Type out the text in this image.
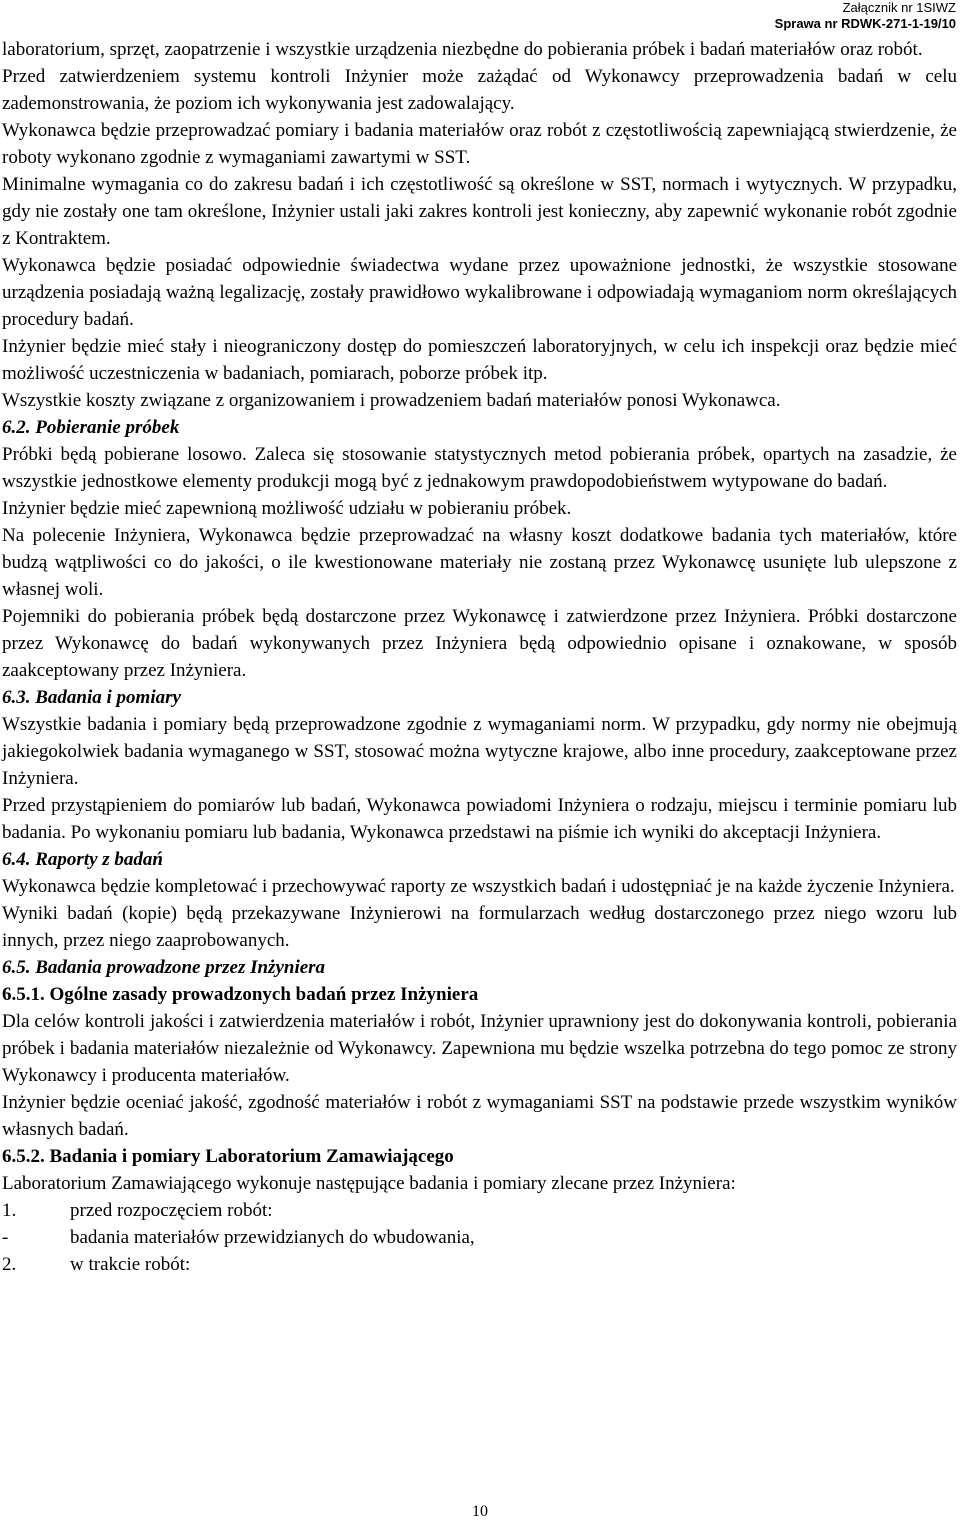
Załącznik nr 1SIWZ
Sprawa nr RDWK-271-1-19/10

laboratorium, sprzęt, zaopatrzenie i wszystkie urządzenia niezbędne do pobierania próbek i badań materiałów oraz robót.

Przed zatwierdzeniem systemu kontroli Inżynier może zażądać od Wykonawcy przeprowadzenia badań w celu zademonstrowania, że poziom ich wykonywania jest zadowalający.

Wykonawca będzie przeprowadzać pomiary i badania materiałów oraz robót z częstotliwością zapewniającą stwierdzenie, że roboty wykonano zgodnie z wymaganiami zawartymi w SST.

Minimalne wymagania co do zakresu badań i ich częstotliwość są określone w SST, normach i wytycznych. W przypadku, gdy nie zostały one tam określone, Inżynier ustali jaki zakres kontroli jest konieczny, aby zapewnić wykonanie robót zgodnie z Kontraktem.

Wykonawca będzie posiadać odpowiednie świadectwa wydane przez upoważnione jednostki, że wszystkie stosowane urządzenia posiadają ważną legalizację, zostały prawidłowo wykalibrowane i odpowiadają wymaganiom norm określających procedury badań.

Inżynier będzie mieć stały i nieograniczony dostęp do pomieszczeń laboratoryjnych, w celu ich inspekcji oraz będzie mieć możliwość uczestniczenia w badaniach, pomiarach, poborze próbek itp.

Wszystkie koszty związane z organizowaniem i prowadzeniem badań materiałów ponosi Wykonawca.

6.2. Pobieranie próbek

Próbki będą pobierane losowo. Zaleca się stosowanie statystycznych metod pobierania próbek, opartych na zasadzie, że wszystkie jednostkowe elementy produkcji mogą być z jednakowym prawdopodobieństwem wytypowane do badań.

Inżynier będzie mieć zapewnioną możliwość udziału w pobieraniu próbek.

Na polecenie Inżyniera, Wykonawca będzie przeprowadzać na własny koszt dodatkowe badania tych materiałów, które budzą wątpliwości co do jakości, o ile kwestionowane materiały nie zostaną przez Wykonawcę usunięte lub ulepszone z własnej woli.

Pojemniki do pobierania próbek będą dostarczone przez Wykonawcę i zatwierdzone przez Inżyniera. Próbki dostarczone przez Wykonawcę do badań wykonywanych przez Inżyniera będą odpowiednio opisane i oznakowane, w sposób zaakceptowany przez Inżyniera.

6.3. Badania i pomiary

Wszystkie badania i pomiary będą przeprowadzone zgodnie z wymaganiami norm. W przypadku, gdy normy nie obejmują jakiegokolwiek badania wymaganego w SST, stosować można wytyczne krajowe, albo inne procedury, zaakceptowane przez Inżyniera.

Przed przystąpieniem do pomiarów lub badań, Wykonawca powiadomi Inżyniera o rodzaju, miejscu i terminie pomiaru lub badania. Po wykonaniu pomiaru lub badania, Wykonawca przedstawi na piśmie ich wyniki do akceptacji Inżyniera.

6.4. Raporty z badań

Wykonawca będzie kompletować i przechowywać raporty ze wszystkich badań i udostępniać je na każde życzenie Inżyniera.

Wyniki badań (kopie) będą przekazywane Inżynierowi na formularzach według dostarczonego przez niego wzoru lub innych, przez niego zaaprobowanych.

6.5. Badania prowadzone przez Inżyniera
6.5.1. Ogólne zasady prowadzonych badań przez Inżyniera

Dla celów kontroli jakości i zatwierdzenia materiałów i robót, Inżynier uprawniony jest do dokonywania kontroli, pobierania próbek i badania materiałów niezależnie od Wykonawcy. Zapewniona mu będzie wszelka potrzebna do tego pomoc ze strony Wykonawcy i producenta materiałów.

Inżynier będzie oceniać jakość, zgodność materiałów i robót z wymaganiami SST na podstawie przede wszystkim wyników własnych badań.

6.5.2. Badania i pomiary Laboratorium Zamawiającego

Laboratorium Zamawiającego wykonuje następujące badania i pomiary zlecane przez Inżyniera:

1.	przed rozpoczęciem robót:
-	badania materiałów przewidzianych do wbudowania,
2.	w trakcie robót:
10
